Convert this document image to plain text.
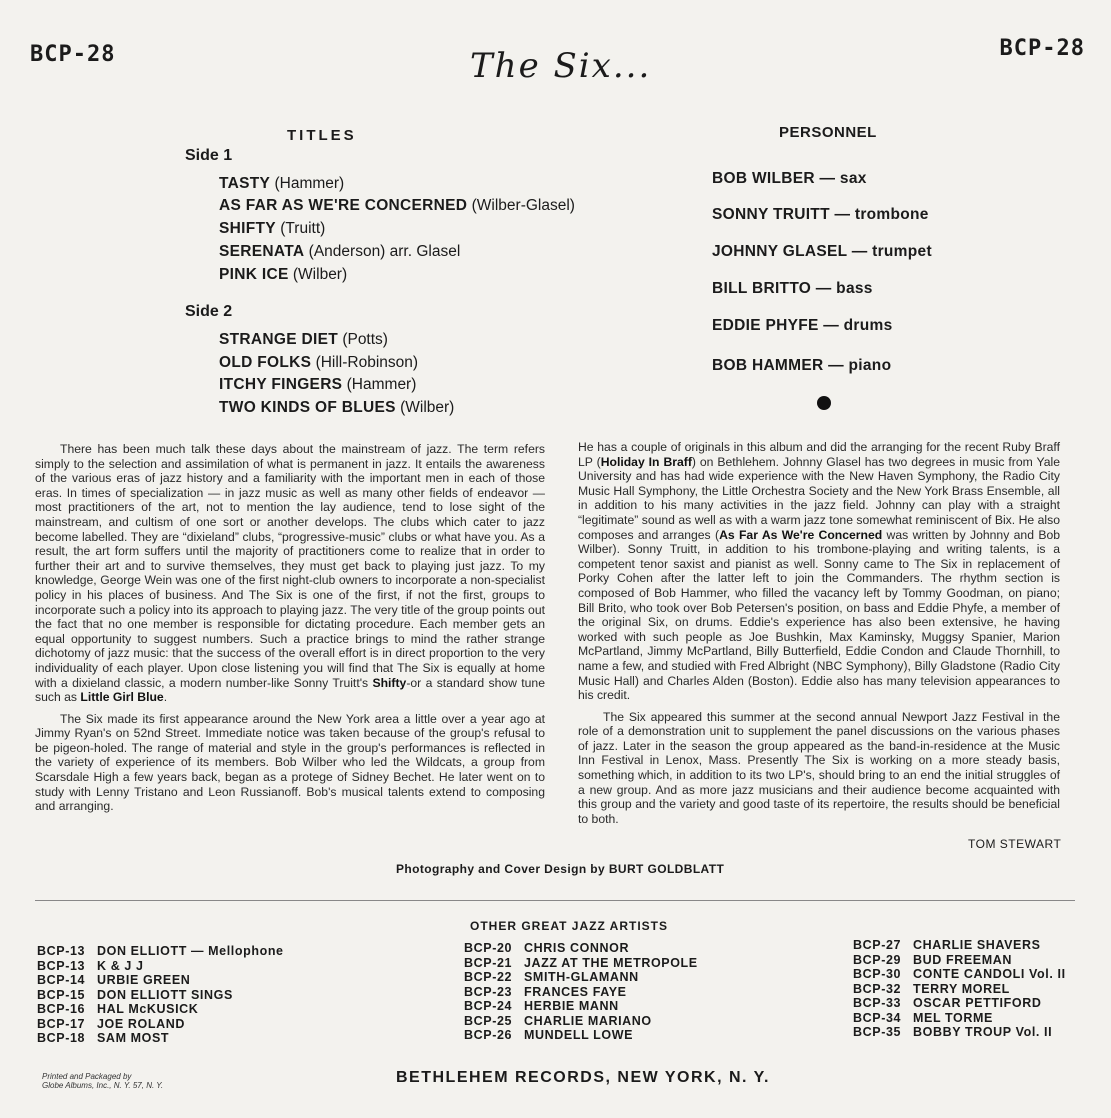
BCP-28	BCP-28
The Six...
TITLES
Side 1
TASTY (Hammer)
AS FAR AS WE'RE CONCERNED (Wilber-Glasel)
SHIFTY (Truitt)
SERENATA (Anderson) arr. Glasel
PINK ICE (Wilber)
Side 2
STRANGE DIET (Potts)
OLD FOLKS (Hill-Robinson)
ITCHY FINGERS (Hammer)
TWO KINDS OF BLUES (Wilber)
PERSONNEL
BOB WILBER — sax
SONNY TRUITT — trombone
JOHNNY GLASEL — trumpet
BILL BRITTO — bass
EDDIE PHYFE — drums
BOB HAMMER — piano

There has been much talk these days about the mainstream of jazz. The term refers simply to the selection and assimilation of what is permanent in jazz. It entails the awareness of the various eras of jazz history and a familiarity with the important men in each of those eras. In times of specialization — in jazz music as well as many other fields of endeavor — most practitioners of the art, not to mention the lay audience, tend to lose sight of the mainstream, and cultism of one sort or another develops. The clubs which cater to jazz become labelled. They are “dixieland” clubs, “progressive-music” clubs or what have you. As a result, the art form suffers until the majority of practitioners come to realize that in order to further their art and to survive themselves, they must get back to playing just jazz. To my knowledge, George Wein was one of the first night-club owners to incorporate a non-specialist policy in his places of business. And The Six is one of the first, if not the first, groups to incorporate such a policy into its approach to playing jazz. The very title of the group points out the fact that no one member is responsible for dictating procedure. Each member gets an equal opportunity to suggest numbers. Such a practice brings to mind the rather strange dichotomy of jazz music: that the success of the overall effort is in direct proportion to the very individuality of each player. Upon close listening you will find that The Six is equally at home with a dixieland classic, a modern number-like Sonny Truitt's Shifty-or a standard show tune such as Little Girl Blue.

The Six made its first appearance around the New York area a little over a year ago at Jimmy Ryan's on 52nd Street. Immediate notice was taken because of the group's refusal to be pigeon-holed. The range of material and style in the group's performances is reflected in the variety of experience of its members. Bob Wilber who led the Wildcats, a group from Scarsdale High a few years back, began as a protege of Sidney Bechet. He later went on to study with Lenny Tristano and Leon Russianoff. Bob's musical talents extend to composing and arranging.

He has a couple of originals in this album and did the arranging for the recent Ruby Braff LP (Holiday In Braff) on Bethlehem. Johnny Glasel has two degrees in music from Yale University and has had wide experience with the New Haven Symphony, the Radio City Music Hall Symphony, the Little Orchestra Society and the New York Brass Ensemble, all in addition to his many activities in the jazz field. Johnny can play with a straight “legitimate” sound as well as with a warm jazz tone somewhat reminiscent of Bix. He also composes and arranges (As Far As We're Concerned was written by Johnny and Bob Wilber). Sonny Truitt, in addition to his trombone-playing and writing talents, is a competent tenor saxist and pianist as well. Sonny came to The Six in replacement of Porky Cohen after the latter left to join the Commanders. The rhythm section is composed of Bob Hammer, who filled the vacancy left by Tommy Goodman, on piano; Bill Brito, who took over Bob Petersen's position, on bass and Eddie Phyfe, a member of the original Six, on drums. Eddie's experience has also been extensive, he having worked with such people as Joe Bushkin, Max Kaminsky, Muggsy Spanier, Marion McPartland, Jimmy McPartland, Billy Butterfield, Eddie Condon and Claude Thornhill, to name a few, and studied with Fred Albright (NBC Symphony), Billy Gladstone (Radio City Music Hall) and Charles Alden (Boston). Eddie also has many television appearances to his credit.

The Six appeared this summer at the second annual Newport Jazz Festival in the role of a demonstration unit to supplement the panel discussions on the various phases of jazz. Later in the season the group appeared as the band-in-residence at the Music Inn Festival in Lenox, Mass. Presently The Six is working on a more steady basis, something which, in addition to its two LP's, should bring to an end the initial struggles of a new group. And as more jazz musicians and their audience become acquainted with this group and the variety and good taste of its repertoire, the results should be beneficial to both.

TOM STEWART
Photography and Cover Design by BURT GOLDBLATT
OTHER GREAT JAZZ ARTISTS
BCP-13 DON ELLIOTT — Mellophone
BCP-13 K & J J
BCP-14 URBIE GREEN
BCP-15 DON ELLIOTT SINGS
BCP-16 HAL McKUSICK
BCP-17 JOE ROLAND
BCP-18 SAM MOST
BCP-20 CHRIS CONNOR
BCP-21 JAZZ AT THE METROPOLE
BCP-22 SMITH-GLAMANN
BCP-23 FRANCES FAYE
BCP-24 HERBIE MANN
BCP-25 CHARLIE MARIANO
BCP-26 MUNDELL LOWE
BCP-27 CHARLIE SHAVERS
BCP-29 BUD FREEMAN
BCP-30 CONTE CANDOLI Vol. II
BCP-32 TERRY MOREL
BCP-33 OSCAR PETTIFORD
BCP-34 MEL TORME
BCP-35 BOBBY TROUP Vol. II
Printed and Packaged by
Globe Albums, Inc., N. Y. 57, N. Y.	BETHLEHEM RECORDS, NEW YORK, N. Y.
